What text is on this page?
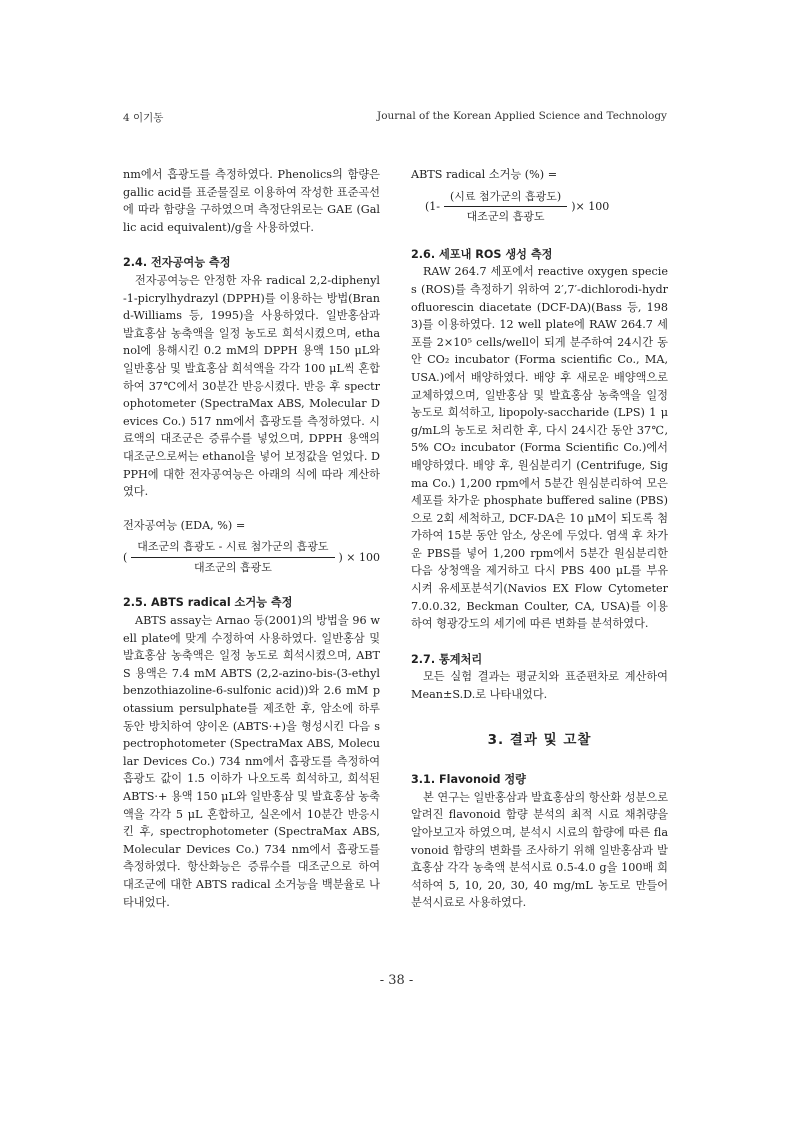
4 이기동	Journal of the Korean Applied Science and Technology

nm에서 흡광도를 측정하였다. Phenolics의 함량은 gallic acid를 표준물질로 이용하여 작성한 표준곡선에 따라 함량을 구하였으며 측정단위로는 GAE (Gallic acid equivalent)/g을 사용하였다.

2.4. 전자공여능 측정

전자공여능은 안정한 자유 radical 2,2-diphenyl-1-picrylhydrazyl (DPPH)를 이용하는 방법(Brand-Williams 등, 1995)을 사용하였다. 일반홍삼과 발효홍삼 농축액을 일정 농도로 희석시켰으며, ethanol에 용해시킨 0.2 mM의 DPPH 용액 150 μL와 일반홍삼 및 발효홍삼 희석액을 각각 100 μL씩 혼합하여 37℃에서 30분간 반응시켰다. 반응 후 spectrophotometer (SpectraMax ABS, Molecular Devices Co.) 517 nm에서 흡광도를 측정하였다. 시료액의 대조군은 증류수를 넣었으며, DPPH 용액의 대조군으로써는 ethanol을 넣어 보정값을 얻었다. DPPH에 대한 전자공여능은 아래의 식에 따라 계산하였다.

전자공여능 (EDA, %) =

( $\frac{\text{대조군의 흡광도 - 시료 첨가군의 흡광도}}{\text{대조군의 흡광도}}$ ) × 100
2.5. ABTS radical 소거능 측정

ABTS assay는 Arnao 등(2001)의 방법을 96 well plate에 맞게 수정하여 사용하였다. 일반홍삼 및 발효홍삼 농축액은 일정 농도로 희석시켰으며, ABTS 용액은 7.4 mM ABTS (2,2-azino-bis-(3-ethylbenzothiazoline-6-sulfonic acid))와 2.6 mM potassium persulphate를 제조한 후, 암소에 하루 동안 방치하여 양이온 (ABTS·+)을 형성시킨 다음 spectrophotometer (SpectraMax ABS, Molecular Devices Co.) 734 nm에서 흡광도를 측정하여 흡광도 값이 1.5 이하가 나오도록 희석하고, 희석된 ABTS·+ 용액 150 μL와 일반홍삼 및 발효홍삼 농축액을 각각 5 μL 혼합하고, 실온에서 10분간 반응시킨 후, spectrophotometer (SpectraMax ABS, Molecular Devices Co.) 734 nm에서 흡광도를 측정하였다. 항산화능은 증류수를 대조군으로 하여 대조군에 대한 ABTS radical 소거능을 백분율로 나타내었다.

ABTS radical 소거능 (%) =

($1- \frac{\text{(시료 첨가군의 흡광도)}}{\text{대조군의 흡광도}}$ )× 100
2.6. 세포내 ROS 생성 측정

RAW 264.7 세포에서 reactive oxygen species (ROS)를 측정하기 위하여 2′,7′-dichlorodi-hydrofluorescin diacetate (DCF-DA)(Bass 등, 1983)를 이용하였다. 12 well plate에 RAW 264.7 세포를 2×10⁵ cells/well이 되게 분주하여 24시간 동안 CO₂ incubator (Forma scientific Co., MA, USA.)에서 배양하였다. 배양 후 새로운 배양액으로 교체하였으며, 일반홍삼 및 발효홍삼 농축액을 일정 농도로 희석하고, lipopoly-saccharide (LPS) 1 μg/mL의 농도로 처리한 후, 다시 24시간 동안 37℃, 5% CO₂ incubator (Forma Scientific Co.)에서 배양하였다. 배양 후, 원심분리기 (Centrifuge, Sigma Co.) 1,200 rpm에서 5분간 원심분리하여 모은 세포를 차가운 phosphate buffered saline (PBS)으로 2회 세척하고, DCF-DA은 10 μM이 되도록 첨가하여 15분 동안 암소, 상온에 두었다. 염색 후 차가운 PBS를 넣어 1,200 rpm에서 5분간 원심분리한 다음 상청액을 제거하고 다시 PBS 400 μL를 부유시켜 유세포분석기(Navios EX Flow Cytometer 7.0.0.32, Beckman Coulter, CA, USA)를 이용하여 형광강도의 세기에 따른 변화를 분석하였다.

2.7. 통계처리

모든 실험 결과는 평균치와 표준편차로 계산하여 Mean±S.D.로 나타내었다.

3. 결과 및 고찰
3.1. Flavonoid 정량

본 연구는 일반홍삼과 발효홍삼의 항산화 성분으로 알려진 flavonoid 함량 분석의 최적 시료 채취량을 알아보고자 하였으며, 분석시 시료의 함량에 따른 flavonoid 함량의 변화를 조사하기 위해 일반홍삼과 발효홍삼 각각 농축액 분석시료 0.5-4.0 g을 100배 희석하여 5, 10, 20, 30, 40 mg/mL 농도로 만들어 분석시료로 사용하였다.

- 38 -
